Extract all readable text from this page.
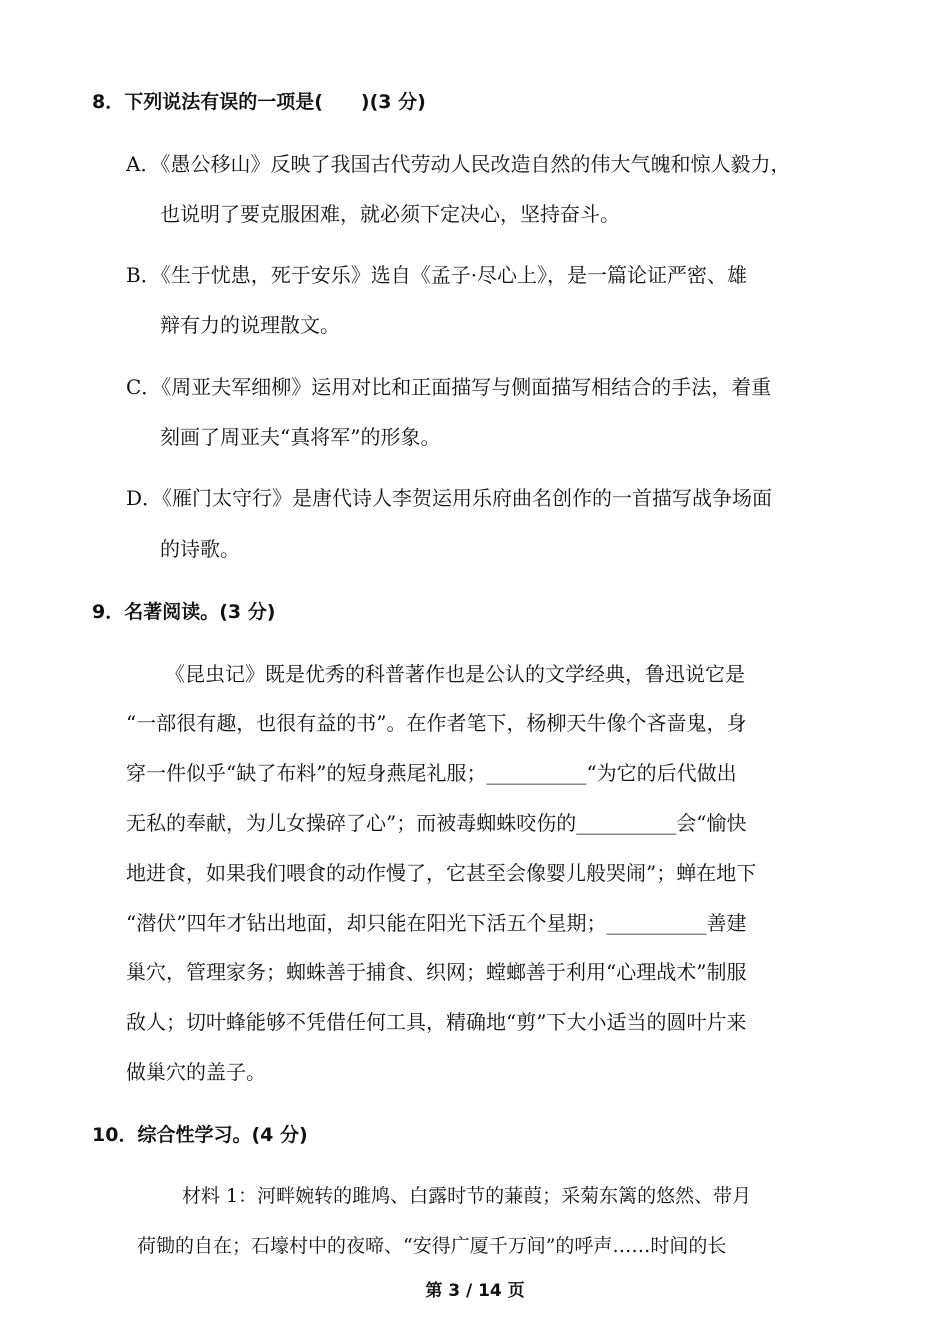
8．下列说法有误的一项是(　　)(3 分)
A．《愚公移山》反映了我国古代劳动人民改造自然的伟大气魄和惊人毅力，
也说明了要克服困难，就必须下定决心，坚持奋斗。
B．《生于忧患，死于安乐》选自《孟子·尽心上》，是一篇论证严密、雄
辩有力的说理散文。
C．《周亚夫军细柳》运用对比和正面描写与侧面描写相结合的手法，着重
刻画了周亚夫“真将军”的形象。
D．《雁门太守行》是唐代诗人李贺运用乐府曲名创作的一首描写战争场面
的诗歌。
9．名著阅读。(3 分)
《昆虫记》既是优秀的科普著作也是公认的文学经典，鲁迅说它是
“一部很有趣，也很有益的书”。在作者笔下，杨柳天牛像个吝啬鬼，身
穿一件似乎“缺了布料”的短身燕尾礼服；__________“为它的后代做出
无私的奉献，为儿女操碎了心”；而被毒蜘蛛咬伤的__________会“愉快
地进食，如果我们喂食的动作慢了，它甚至会像婴儿般哭闹”；蝉在地下
“潜伏”四年才钻出地面，却只能在阳光下活五个星期；__________善建
巢穴，管理家务；蜘蛛善于捕食、织网；螳螂善于利用“心理战术”制服
敌人；切叶蜂能够不凭借任何工具，精确地“剪”下大小适当的圆叶片来
做巢穴的盖子。
10．综合性学习。(4 分)
材料 1：河畔婉转的雎鸠、白露时节的蒹葭；采菊东篱的悠然、带月
荷锄的自在；石壕村中的夜啼、“安得广厦千万间”的呼声……时间的长
第 3 / 14 页
